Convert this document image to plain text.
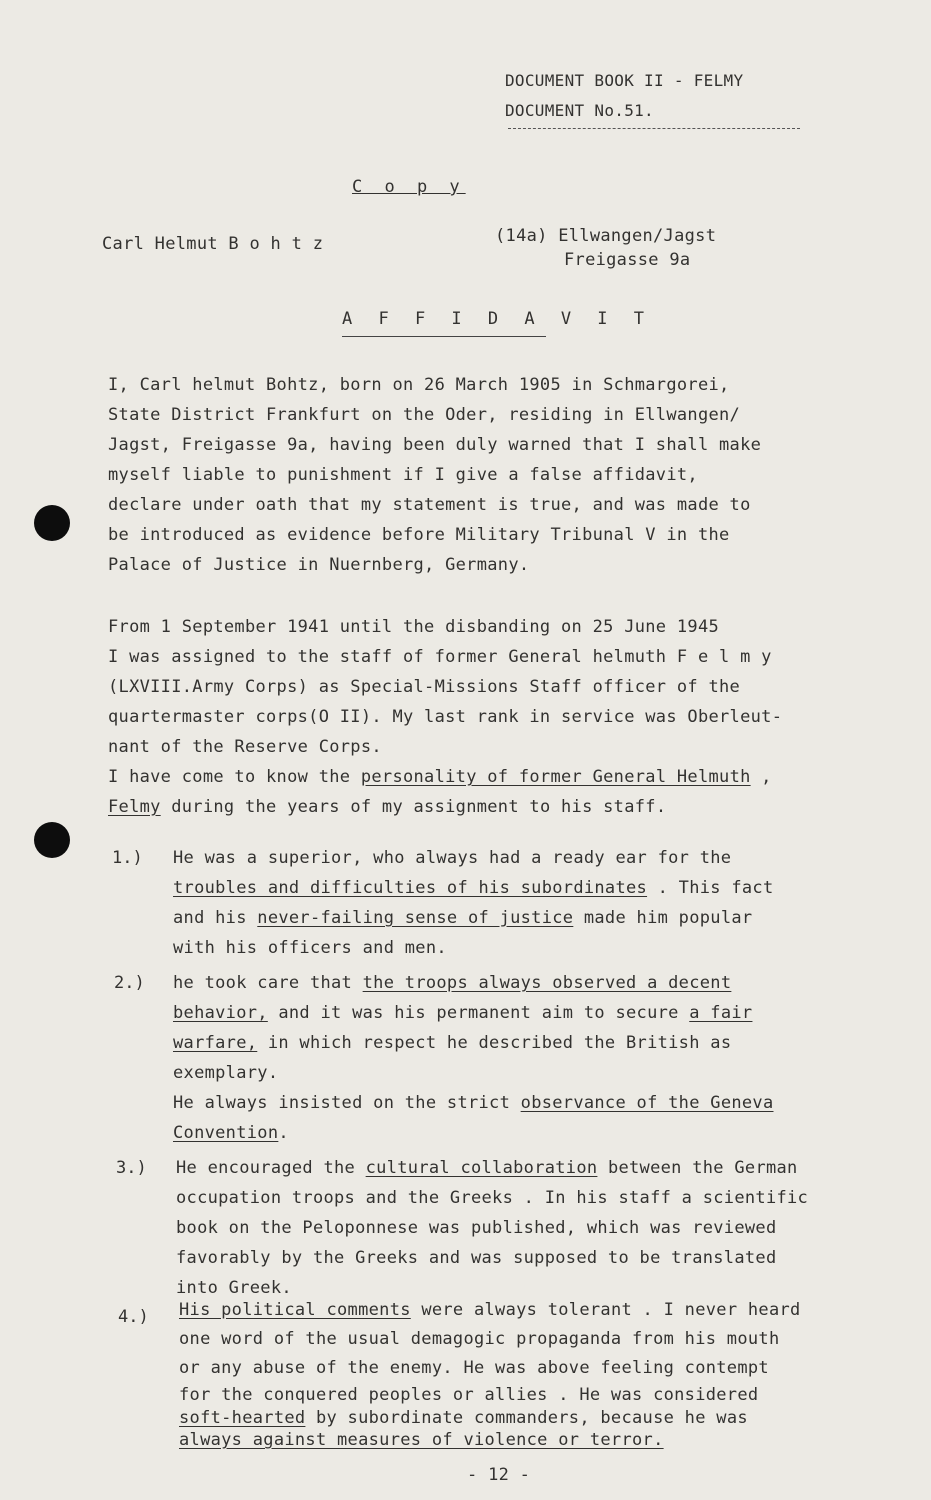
DOCUMENT BOOK II - FELMY
DOCUMENT No.51.
C o p y
Carl Helmut B o h t z	(14a) Ellwangen/Jagst
Freigasse 9a
A F F I D A V I T
I, Carl helmut Bohtz, born on 26 March 1905 in Schmargorei,
State District Frankfurt on the Oder, residing in Ellwangen/
Jagst, Freigasse 9a, having been duly warned that I shall make
myself liable to punishment if I give a false affidavit,
declare under oath that my statement is true, and was made to
be introduced as evidence before Military Tribunal V in the
Palace of Justice in Nuernberg, Germany.
From 1 September 1941 until the disbanding on 25 June 1945
I was assigned to the staff of former General helmuth F e l m y
(LXVIII.Army Corps) as Special-Missions Staff officer of the
quartermaster corps(O II). My last rank in service was Oberleut-
nant of the Reserve Corps.
I have come to know the personality of former General Helmuth ,
Felmy during the years of my assignment to his staff.
1.) He was a superior, who always had a ready ear for the
troubles and difficulties of his subordinates . This fact
and his never-failing sense of justice made him popular
with his officers and men.
2.) he took care that the troops always observed a decent
behavior, and it was his permanent aim to secure a fair
warfare, in which respect he described the British as
exemplary.
He always insisted on the strict observance of the Geneva
Convention.
3.) He encouraged the cultural collaboration between the German
occupation troops and the Greeks . In his staff a scientific
book on the Peloponnese was published, which was reviewed
favorably by the Greeks and was supposed to be translated
into Greek.
4.) His political comments were always tolerant . I never heard
one word of the usual demagogic propaganda from his mouth
or any abuse of the enemy. He was above feeling contempt
for the conquered peoples or allies . He was considered
soft-hearted by subordinate commanders, because he was
always against measures of violence or terror.
- 12 -
